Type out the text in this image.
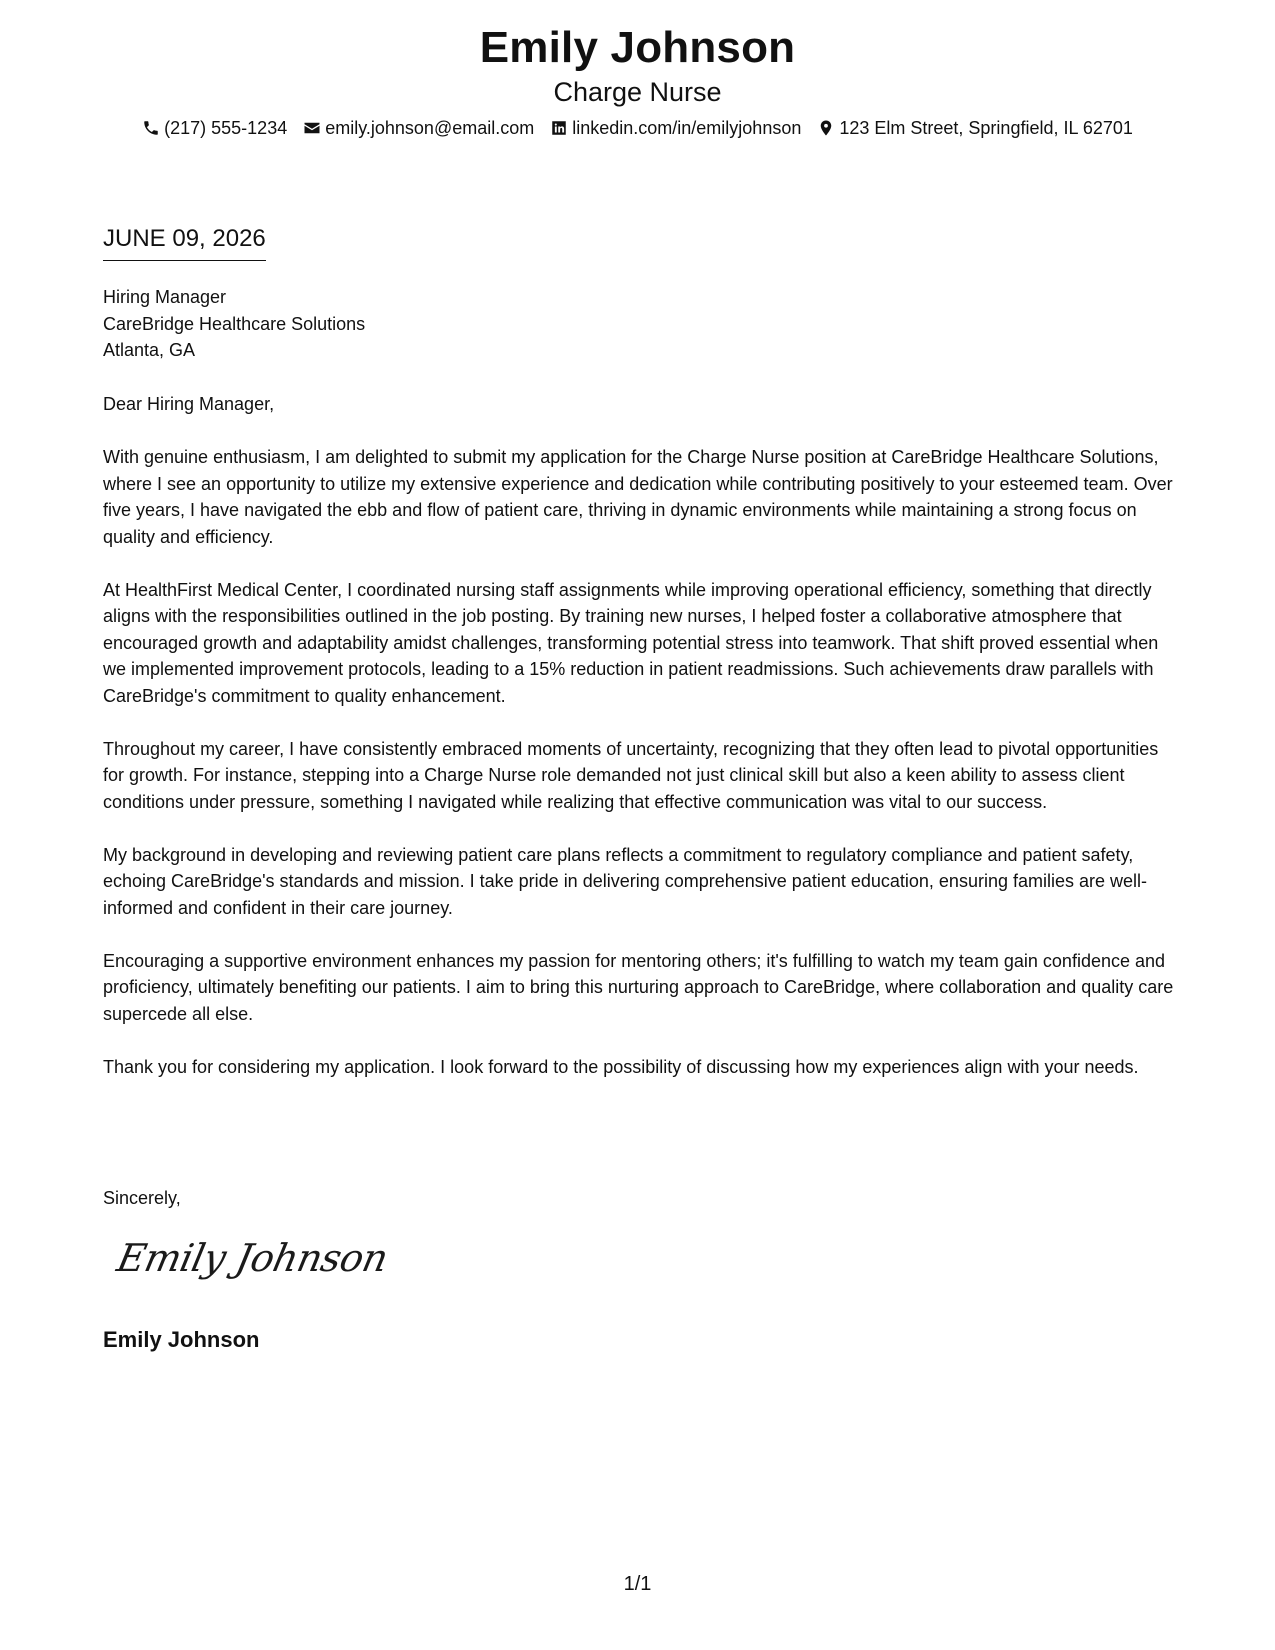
Emily Johnson
Charge Nurse
(217) 555-1234 emily.johnson@email.com linkedin.com/in/emilyjohnson 123 Elm Street, Springfield, IL 62701
JUNE 09, 2026
Hiring Manager
CareBridge Healthcare Solutions
Atlanta, GA
Dear Hiring Manager,

With genuine enthusiasm, I am delighted to submit my application for the Charge Nurse position at CareBridge Healthcare Solutions, where I see an opportunity to utilize my extensive experience and dedication while contributing positively to your esteemed team. Over five years, I have navigated the ebb and flow of patient care, thriving in dynamic environments while maintaining a strong focus on quality and efficiency.

At HealthFirst Medical Center, I coordinated nursing staff assignments while improving operational efficiency, something that directly aligns with the responsibilities outlined in the job posting. By training new nurses, I helped foster a collaborative atmosphere that encouraged growth and adaptability amidst challenges, transforming potential stress into teamwork. That shift proved essential when we implemented improvement protocols, leading to a 15% reduction in patient readmissions. Such achievements draw parallels with CareBridge's commitment to quality enhancement.

Throughout my career, I have consistently embraced moments of uncertainty, recognizing that they often lead to pivotal opportunities for growth. For instance, stepping into a Charge Nurse role demanded not just clinical skill but also a keen ability to assess client conditions under pressure, something I navigated while realizing that effective communication was vital to our success.

My background in developing and reviewing patient care plans reflects a commitment to regulatory compliance and patient safety, echoing CareBridge's standards and mission. I take pride in delivering comprehensive patient education, ensuring families are well-informed and confident in their care journey.

Encouraging a supportive environment enhances my passion for mentoring others; it's fulfilling to watch my team gain confidence and proficiency, ultimately benefiting our patients. I aim to bring this nurturing approach to CareBridge, where collaboration and quality care supercede all else.

Thank you for considering my application. I look forward to the possibility of discussing how my experiences align with your needs.

Sincerely,
Emily Johnson
Emily Johnson
1/1
